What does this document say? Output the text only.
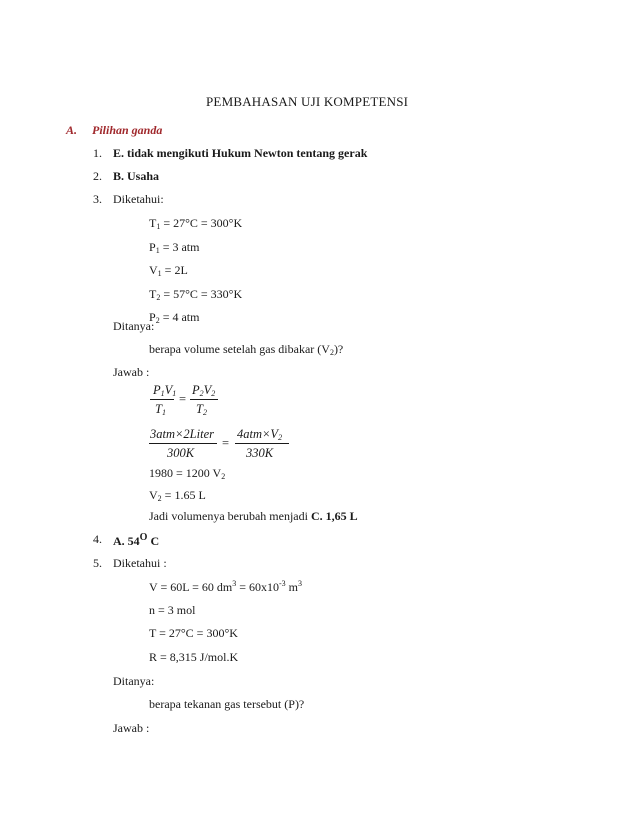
PEMBAHASAN UJI KOMPETENSI
A. Pilihan ganda
1. E. tidak mengikuti Hukum Newton tentang gerak
2. B. Usaha
3. Diketahui:
$T_1 = 27^\circ C = 300^\circ K$
$P_1 = 3$ atm
$V_1 = 2L$
$T_2 = 57^\circ C = 330^\circ K$
$P_2 = 4$ atm
Ditanya:
berapa volume setelah gas dibakar $(V_2)$?
Jawab :
$P_1V_1$
$T_1$
=
$P_2V_2$
$T_2$
3atm×2Liter
300K
=
$4atm\times V_2$
330K
1980 = 1200 $V_2$
$V_2 = 1.65$ L
Jadi volumenya berubah menjadi C. 1,65 L
4. A. $54^O$ C
5. Diketahui :
V = 60L = 60 $dm^3 = 60x10^{-3}$ $m^3$
n = 3 mol
T = 27°C = 300°K
R = 8,315 J/mol.K
Ditanya:
berapa tekanan gas tersebut (P)?
Jawab :
